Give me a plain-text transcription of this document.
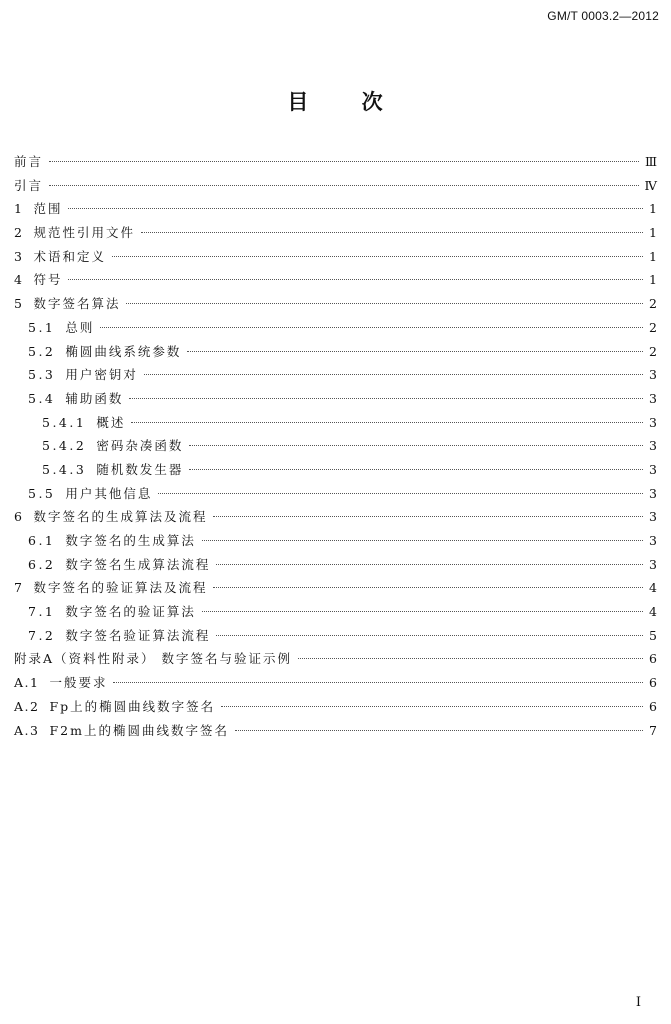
GM/T 0003.2—2012
目 次
前言	Ⅲ
引言	Ⅳ
1 范围	1
2 规范性引用文件	1
3 术语和定义	1
4 符号	1
5 数字签名算法	2
5.1 总则	2
5.2 椭圆曲线系统参数	2
5.3 用户密钥对	3
5.4 辅助函数	3
5.4.1 概述	3
5.4.2 密码杂凑函数	3
5.4.3 随机数发生器	3
5.5 用户其他信息	3
6 数字签名的生成算法及流程	3
6.1 数字签名的生成算法	3
6.2 数字签名生成算法流程	3
7 数字签名的验证算法及流程	4
7.1 数字签名的验证算法	4
7.2 数字签名验证算法流程	5
附录A（资料性附录） 数字签名与验证示例	6
A.1 一般要求	6
A.2 Fp上的椭圆曲线数字签名	6
A.3 F2m上的椭圆曲线数字签名	7
I
